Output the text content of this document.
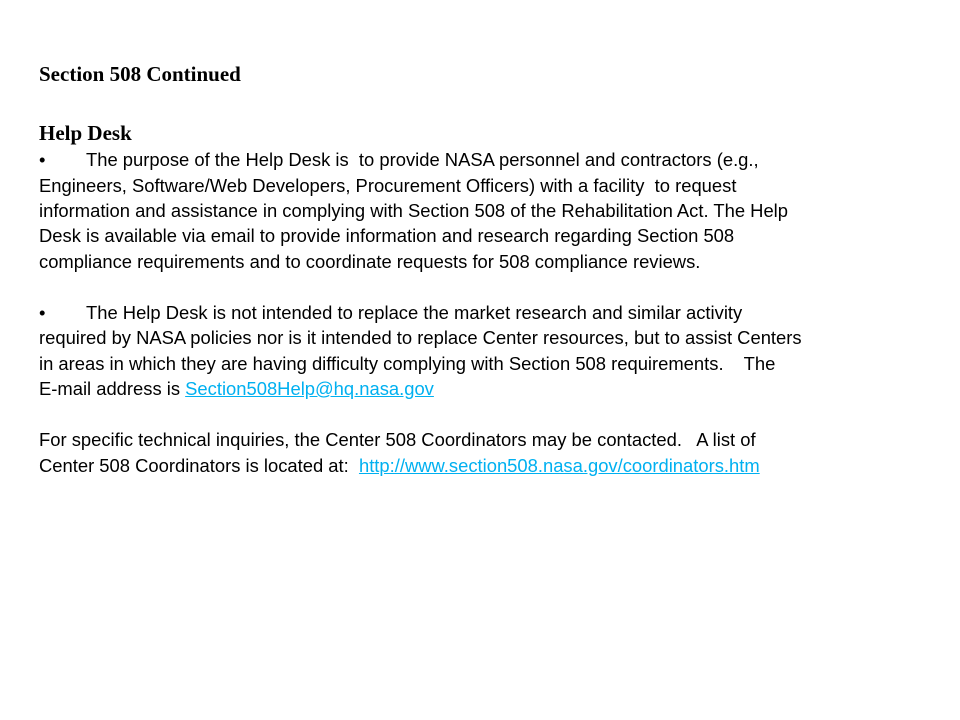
Section 508 Continued
Help Desk
•        The purpose of the Help Desk is  to provide NASA personnel and contractors (e.g.,
Engineers, Software/Web Developers, Procurement Officers) with a facility  to request
information and assistance in complying with Section 508 of the Rehabilitation Act. The Help
Desk is available via email to provide information and research regarding Section 508
compliance requirements and to coordinate requests for 508 compliance reviews.
•        The Help Desk is not intended to replace the market research and similar activity
required by NASA policies nor is it intended to replace Center resources, but to assist Centers
in areas in which they are having difficulty complying with Section 508 requirements.    The
E-mail address is Section508Help@hq.nasa.gov
For specific technical inquiries, the Center 508 Coordinators may be contacted.   A list of
Center 508 Coordinators is located at:  http://www.section508.nasa.gov/coordinators.htm
